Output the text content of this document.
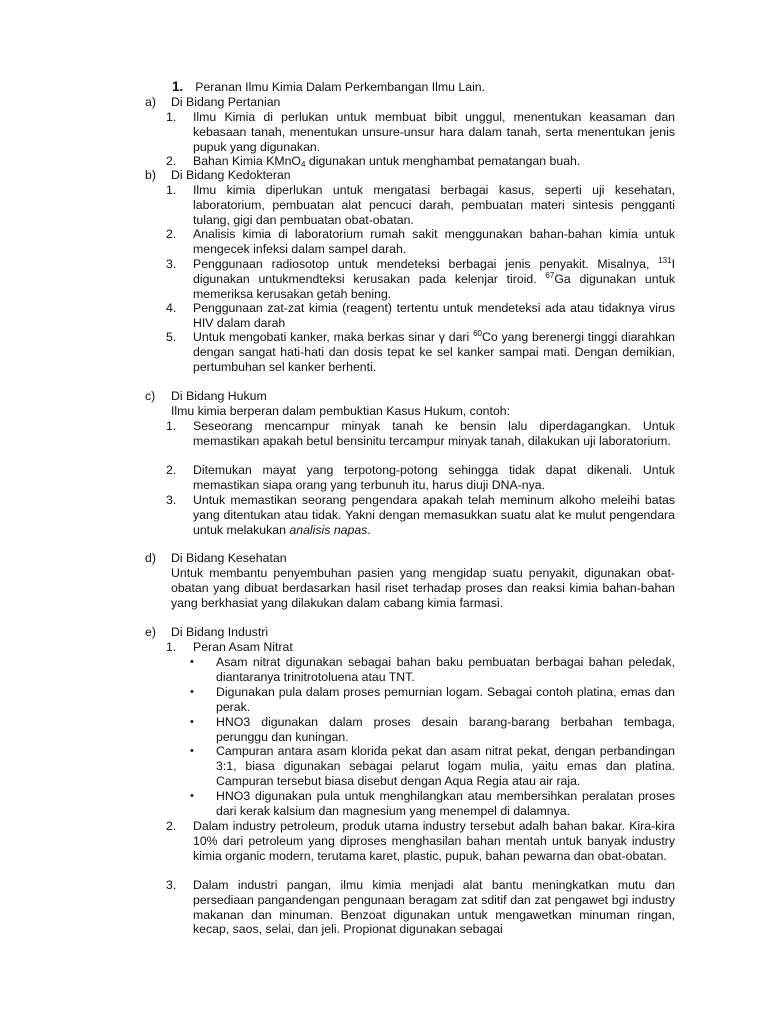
1. Peranan Ilmu Kimia Dalam Perkembangan Ilmu Lain.
a) Di Bidang Pertanian
1. Ilmu Kimia di perlukan untuk membuat bibit unggul, menentukan keasaman dan kebasaan tanah, menentukan unsure-unsur hara dalam tanah, serta menentukan jenis pupuk yang digunakan.
2. Bahan Kimia KMnO$_4$ digunakan untuk menghambat pematangan buah.
b) Di Bidang Kedokteran
1. Ilmu kimia diperlukan untuk mengatasi berbagai kasus, seperti uji kesehatan, laboratorium, pembuatan alat pencuci darah, pembuatan materi sintesis pengganti tulang, gigi dan pembuatan obat-obatan.
2. Analisis kimia di laboratorium rumah sakit menggunakan bahan-bahan kimia untuk mengecek infeksi dalam sampel darah.
3. Penggunaan radiosotop untuk mendeteksi berbagai jenis penyakit. Misalnya, $^{131}$I digunakan untukmendteksi kerusakan pada kelenjar tiroid. $^{67}$Ga digunakan untuk memeriksa kerusakan getah bening.
4. Penggunaan zat-zat kimia (reagent) tertentu untuk mendeteksi ada atau tidaknya virus HIV dalam darah
5. Untuk mengobati kanker, maka berkas sinar γ dari $^{60}$Co yang berenergi tinggi diarahkan dengan sangat hati-hati dan dosis tepat ke sel kanker sampai mati. Dengan demikian, pertumbuhan sel kanker berhenti.
c) Di Bidang Hukum
Ilmu kimia berperan dalam pembuktian Kasus Hukum, contoh:
1. Seseorang mencampur minyak tanah ke bensin lalu diperdagangkan. Untuk memastikan apakah betul bensinitu tercampur minyak tanah, dilakukan uji laboratorium.
2. Ditemukan mayat yang terpotong-potong sehingga tidak dapat dikenali. Untuk memastikan siapa orang yang terbunuh itu, harus diuji DNA-nya.
3. Untuk memastikan seorang pengendara apakah telah meminum alkoho meleihi batas yang ditentukan atau tidak. Yakni dengan memasukkan suatu alat ke mulut pengendara untuk melakukan analisis napas.
d) Di Bidang Kesehatan
Untuk membantu penyembuhan pasien yang mengidap suatu penyakit, digunakan obat-obatan yang dibuat berdasarkan hasil riset terhadap proses dan reaksi kimia bahan-bahan yang berkhasiat yang dilakukan dalam cabang kimia farmasi.
e) Di Bidang Industri
1. Peran Asam Nitrat
• Asam nitrat digunakan sebagai bahan baku pembuatan berbagai bahan peledak, diantaranya trinitrotoluena atau TNT.
• Digunakan pula dalam proses pemurnian logam. Sebagai contoh platina, emas dan perak.
• HNO3 digunakan dalam proses desain barang-barang berbahan tembaga, perunggu dan kuningan.
• Campuran antara asam klorida pekat dan asam nitrat pekat, dengan perbandingan 3:1, biasa digunakan sebagai pelarut logam mulia, yaitu emas dan platina. Campuran tersebut biasa disebut dengan Aqua Regia atau air raja.
• HNO3 digunakan pula untuk menghilangkan atau membersihkan peralatan proses dari kerak kalsium dan magnesium yang menempel di dalamnya.
2. Dalam industry petroleum, produk utama industry tersebut adalh bahan bakar. Kira-kira 10% dari petroleum yang diproses menghasilan bahan mentah untuk banyak industry kimia organic modern, terutama karet, plastic, pupuk, bahan pewarna dan obat-obatan.
3. Dalam industri pangan, ilmu kimia menjadi alat bantu meningkatkan mutu dan persediaan pangandengan pengunaan beragam zat sditif dan zat pengawet bgi industry makanan dan minuman. Benzoat digunakan untuk mengawetkan minuman ringan, kecap, saos, selai, dan jeli. Propionat digunakan sebagai
